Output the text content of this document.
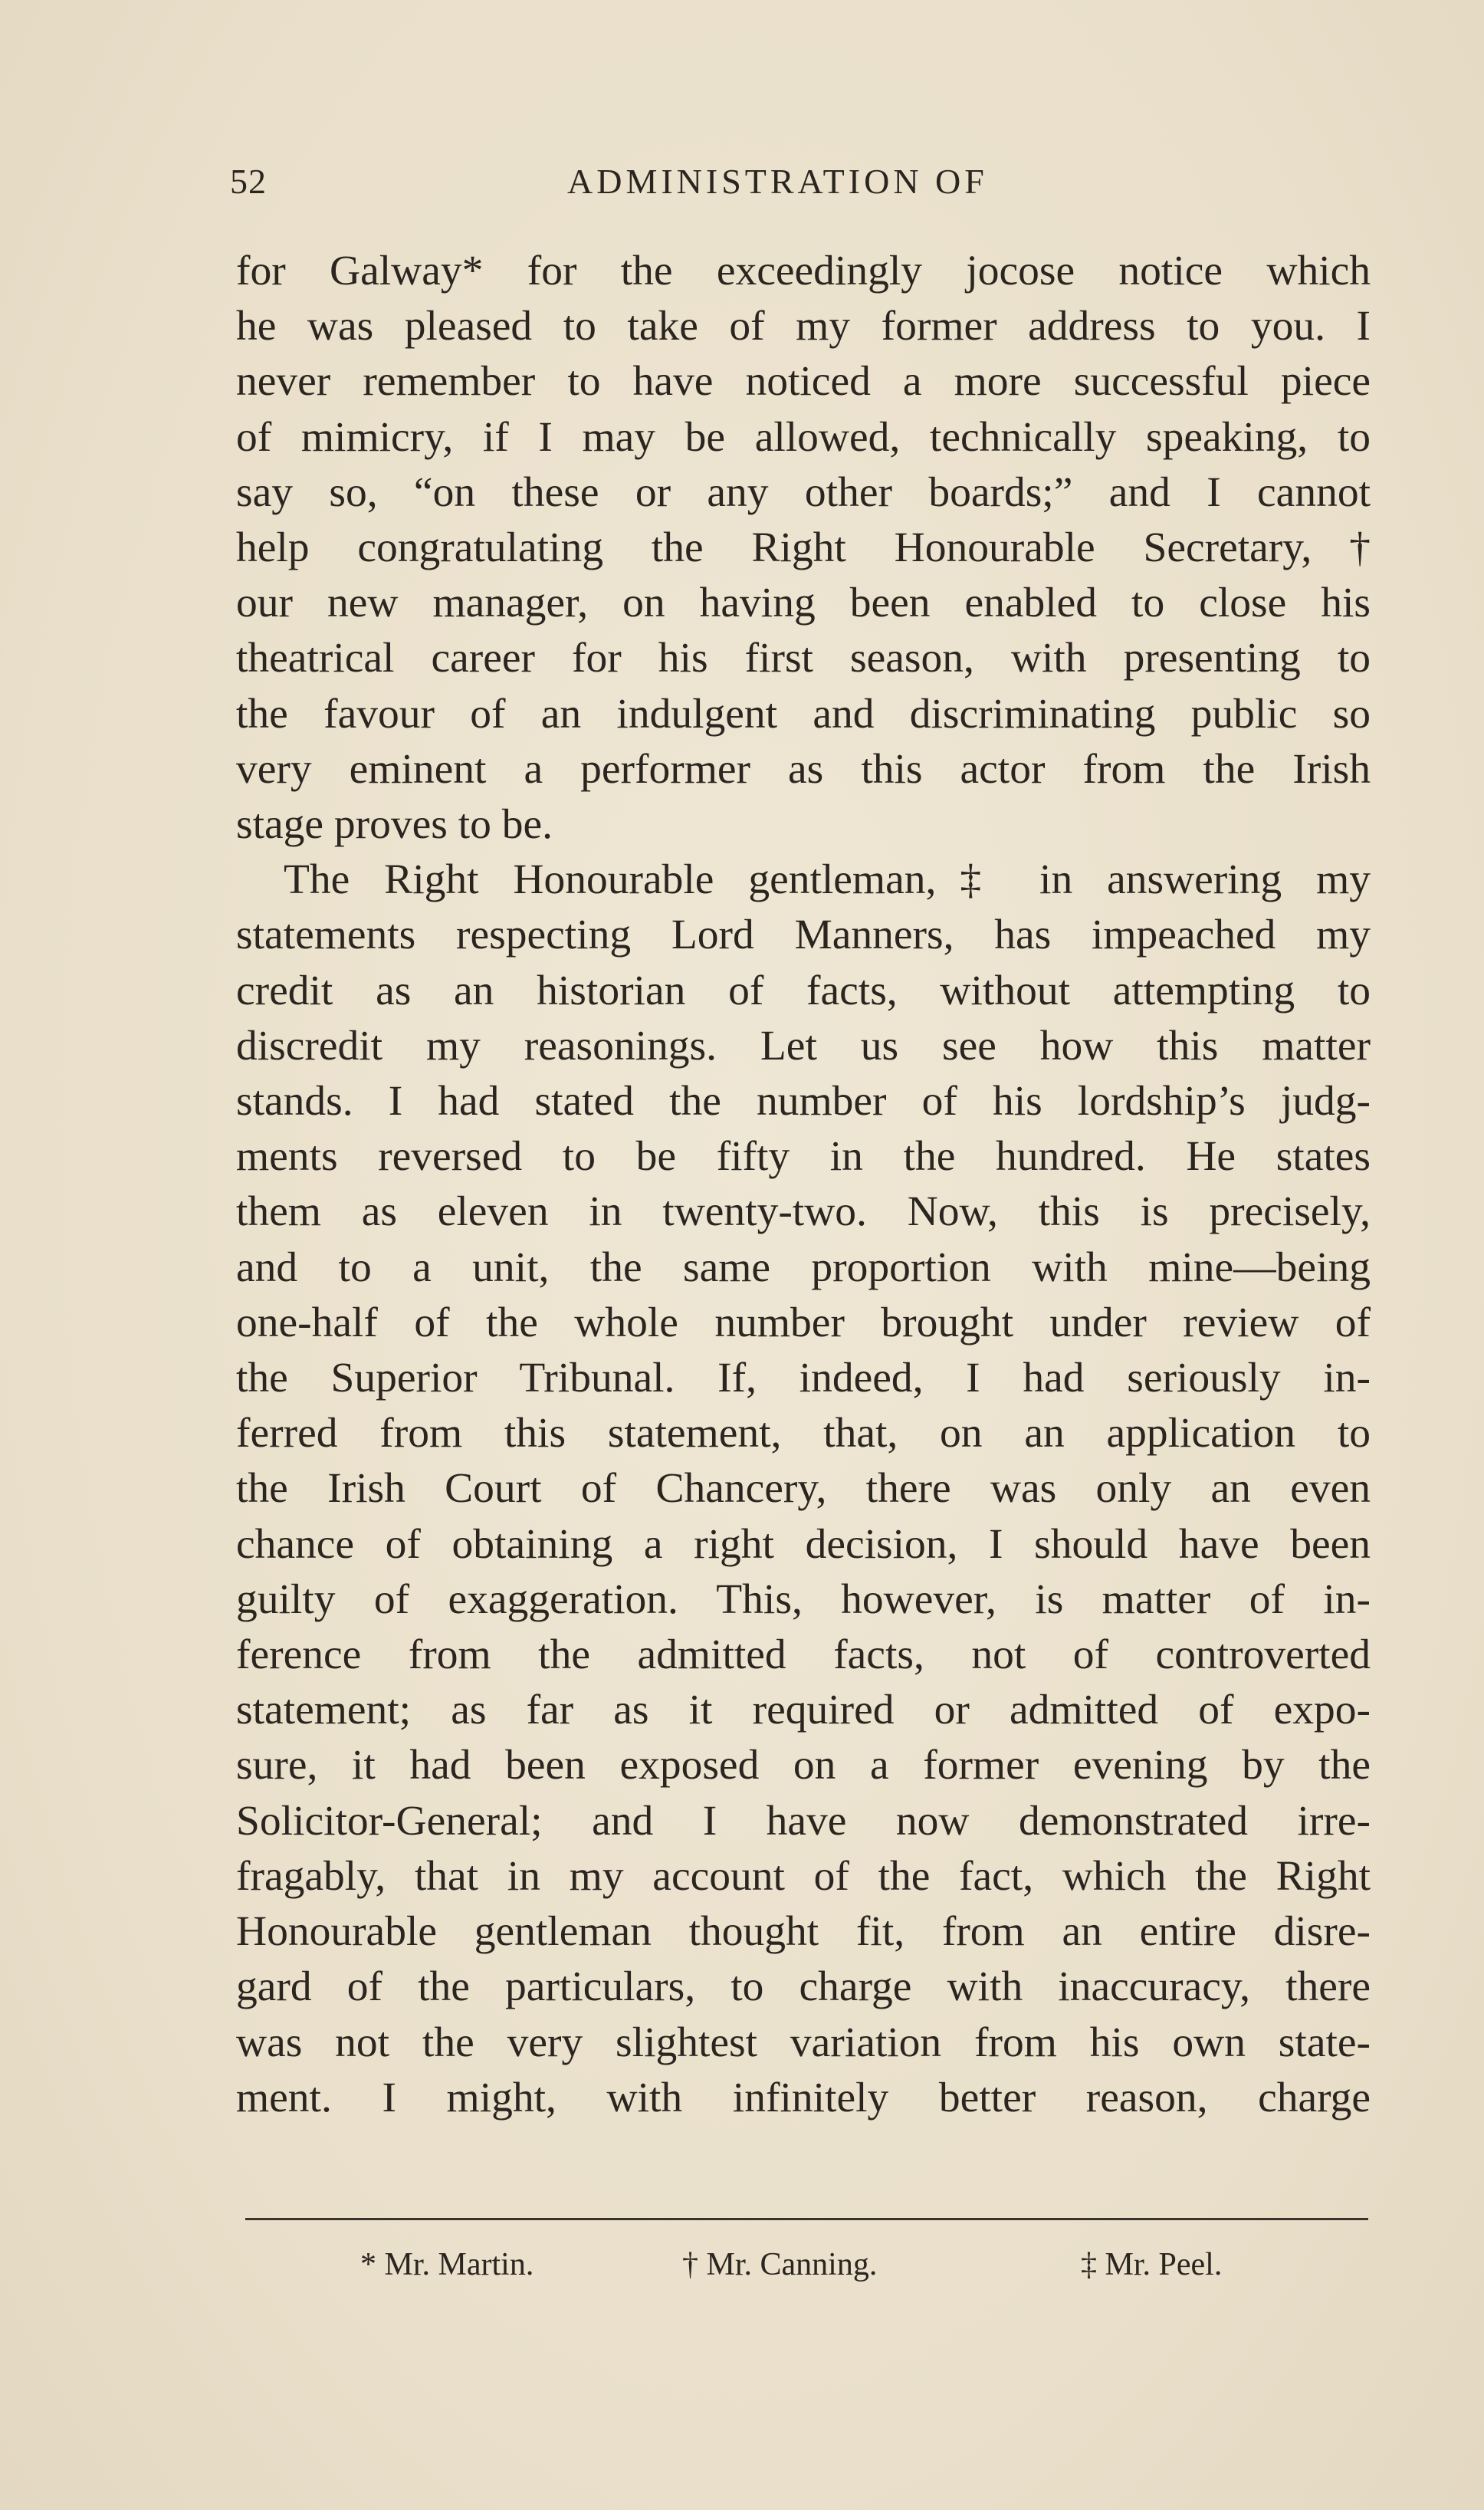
52	ADMINISTRATION OF
for Galway* for the exceedingly jocose notice which
he was pleased to take of my former address to you. I
never remember to have noticed a more successful piece
of mimicry, if I may be allowed, technically speaking, to
say so, “on these or any other boards;” and I cannot
help congratulating the Right Honourable Secretary,†
our new manager, on having been enabled to close his
theatrical career for his first season, with presenting to
the favour of an indulgent and discriminating public so
very eminent a performer as this actor from the Irish
stage proves to be.
The Right Honourable gentleman,‡ in answering my
statements respecting Lord Manners, has impeached my
credit as an historian of facts, without attempting to
discredit my reasonings. Let us see how this matter
stands. I had stated the number of his lordship’s judg-
ments reversed to be fifty in the hundred. He states
them as eleven in twenty-two. Now, this is precisely,
and to a unit, the same proportion with mine—being
one-half of the whole number brought under review of
the Superior Tribunal. If, indeed, I had seriously in-
ferred from this statement, that, on an application to
the Irish Court of Chancery, there was only an even
chance of obtaining a right decision, I should have been
guilty of exaggeration. This, however, is matter of in-
ference from the admitted facts, not of controverted
statement; as far as it required or admitted of expo-
sure, it had been exposed on a former evening by the
Solicitor-General; and I have now demonstrated irre-
fragably, that in my account of the fact, which the Right
Honourable gentleman thought fit, from an entire disre-
gard of the particulars, to charge with inaccuracy, there
was not the very slightest variation from his own state-
ment. I might, with infinitely better reason, charge
* Mr. Martin.	† Mr. Canning.	‡ Mr. Peel.
